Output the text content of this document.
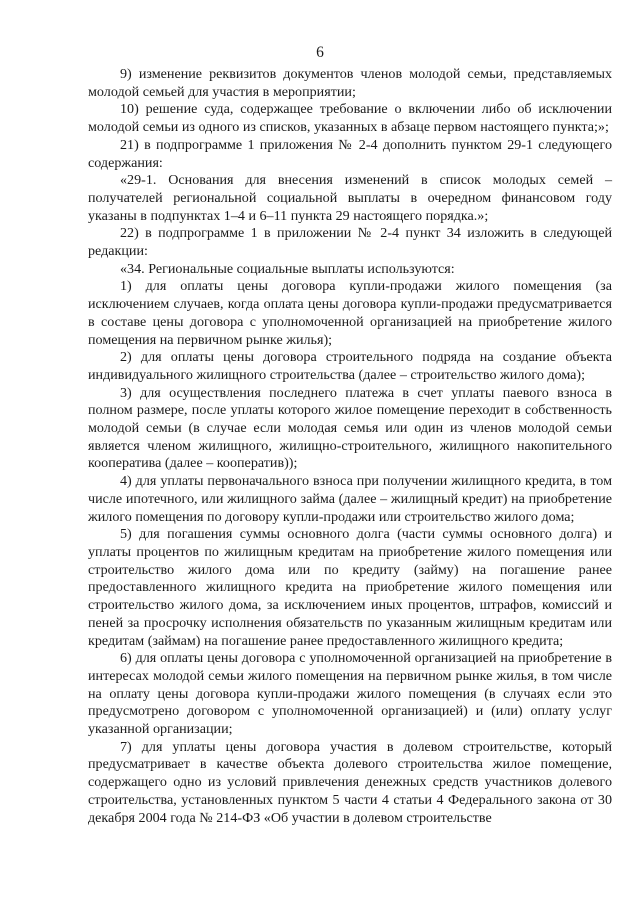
6

9) изменение реквизитов документов членов молодой семьи, представляемых молодой семьей для участия в мероприятии;

10) решение суда, содержащее требование о включении либо об исключении молодой семьи из одного из списков, указанных в абзаце первом настоящего пункта;»;

21) в подпрограмме 1 приложения № 2-4 дополнить пунктом 29-1 следующего содержания:

«29-1. Основания для внесения изменений в список молодых семей – получателей региональной социальной выплаты в очередном финансовом году указаны в подпунктах 1–4 и 6–11 пункта 29 настоящего порядка.»;

22) в подпрограмме 1 в приложении № 2-4 пункт 34 изложить в следующей редакции:

«34. Региональные социальные выплаты используются:

1) для оплаты цены договора купли-продажи жилого помещения (за исключением случаев, когда оплата цены договора купли-продажи предусматривается в составе цены договора с уполномоченной организацией на приобретение жилого помещения на первичном рынке жилья);

2) для оплаты цены договора строительного подряда на создание объекта индивидуального жилищного строительства (далее – строительство жилого дома);

3) для осуществления последнего платежа в счет уплаты паевого взноса в полном размере, после уплаты которого жилое помещение переходит в собственность молодой семьи (в случае если молодая семья или один из членов молодой семьи является членом жилищного, жилищно-строительного, жилищного накопительного кооператива (далее – кооператив));

4) для уплаты первоначального взноса при получении жилищного кредита, в том числе ипотечного, или жилищного займа (далее – жилищный кредит) на приобретение жилого помещения по договору купли-продажи или строительство жилого дома;

5) для погашения суммы основного долга (части суммы основного долга) и уплаты процентов по жилищным кредитам на приобретение жилого помещения или строительство жилого дома или по кредиту (займу) на погашение ранее предоставленного жилищного кредита на приобретение жилого помещения или строительство жилого дома, за исключением иных процентов, штрафов, комиссий и пеней за просрочку исполнения обязательств по указанным жилищным кредитам или кредитам (займам) на погашение ранее предоставленного жилищного кредита;

6) для оплаты цены договора с уполномоченной организацией на приобретение в интересах молодой семьи жилого помещения на первичном рынке жилья, в том числе на оплату цены договора купли-продажи жилого помещения (в случаях если это предусмотрено договором с уполномоченной организацией) и (или) оплату услуг указанной организации;

7) для уплаты цены договора участия в долевом строительстве, который предусматривает в качестве объекта долевого строительства жилое помещение, содержащего одно из условий привлечения денежных средств участников долевого строительства, установленных пунктом 5 части 4 статьи 4 Федерального закона от 30 декабря 2004 года № 214-ФЗ «Об участии в долевом строительстве
